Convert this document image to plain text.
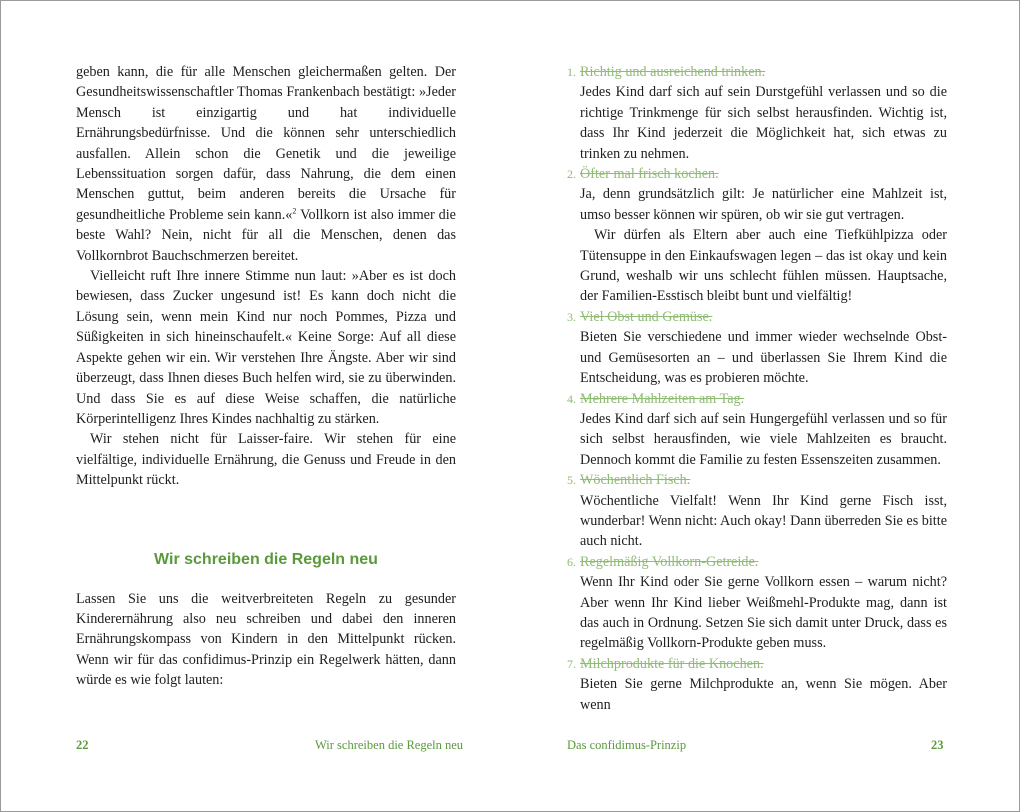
geben kann, die für alle Menschen gleichermaßen gelten. Der Gesundheitswissenschaftler Thomas Frankenbach bestätigt: »Jeder Mensch ist einzigartig und hat individuelle Ernährungsbedürfnisse. Und die können sehr unterschiedlich ausfallen. Allein schon die Genetik und die jeweilige Lebenssituation sorgen dafür, dass Nahrung, die dem einen Menschen guttut, beim anderen bereits die Ursache für gesundheitliche Probleme sein kann.«$^2$ Vollkorn ist also immer die beste Wahl? Nein, nicht für all die Menschen, denen das Vollkornbrot Bauchschmerzen bereitet.

Vielleicht ruft Ihre innere Stimme nun laut: »Aber es ist doch bewiesen, dass Zucker ungesund ist! Es kann doch nicht die Lösung sein, wenn mein Kind nur noch Pommes, Pizza und Süßigkeiten in sich hineinschaufelt.« Keine Sorge: Auf all diese Aspekte gehen wir ein. Wir verstehen Ihre Ängste. Aber wir sind überzeugt, dass Ihnen dieses Buch helfen wird, sie zu überwinden. Und dass Sie es auf diese Weise schaffen, die natürliche Körperintelligenz Ihres Kindes nachhaltig zu stärken.

Wir stehen nicht für Laisser-faire. Wir stehen für eine vielfältige, individuelle Ernährung, die Genuss und Freude in den Mittelpunkt rückt.

Wir schreiben die Regeln neu

Lassen Sie uns die weitverbreiteten Regeln zu gesunder Kinderernährung also neu schreiben und dabei den inneren Ernährungskompass von Kindern in den Mittelpunkt rücken. Wenn wir für das confidimus-Prinzip ein Regelwerk hätten, dann würde es wie folgt lauten:

1. Richtig und ausreichend trinken.

Jedes Kind darf sich auf sein Durstgefühl verlassen und so die richtige Trinkmenge für sich selbst herausfinden. Wichtig ist, dass Ihr Kind jederzeit die Möglichkeit hat, sich etwas zu trinken zu nehmen.

2. Öfter mal frisch kochen.

Ja, denn grundsätzlich gilt: Je natürlicher eine Mahlzeit ist, umso besser können wir spüren, ob wir sie gut vertragen.

Wir dürfen als Eltern aber auch eine Tiefkühlpizza oder Tütensuppe in den Einkaufswagen legen – das ist okay und kein Grund, weshalb wir uns schlecht fühlen müssen. Hauptsache, der Familien-Esstisch bleibt bunt und vielfältig!

3. Viel Obst und Gemüse.

Bieten Sie verschiedene und immer wieder wechselnde Obst- und Gemüsesorten an – und überlassen Sie Ihrem Kind die Entscheidung, was es probieren möchte.

4. Mehrere Mahlzeiten am Tag.

Jedes Kind darf sich auf sein Hungergefühl verlassen und so für sich selbst herausfinden, wie viele Mahlzeiten es braucht. Dennoch kommt die Familie zu festen Essenszeiten zusammen.

5. Wöchentlich Fisch.

Wöchentliche Vielfalt! Wenn Ihr Kind gerne Fisch isst, wunderbar! Wenn nicht: Auch okay! Dann überreden Sie es bitte auch nicht.

6. Regelmäßig Vollkorn-Getreide.

Wenn Ihr Kind oder Sie gerne Vollkorn essen – warum nicht? Aber wenn Ihr Kind lieber Weißmehl-Produkte mag, dann ist das auch in Ordnung. Setzen Sie sich damit unter Druck, dass es regelmäßig Vollkorn-Produkte geben muss.

7. Milchprodukte für die Knochen.

Bieten Sie gerne Milchprodukte an, wenn Sie mögen. Aber wenn

22	Wir schreiben die Regeln neu	Das confidimus-Prinzip	23
